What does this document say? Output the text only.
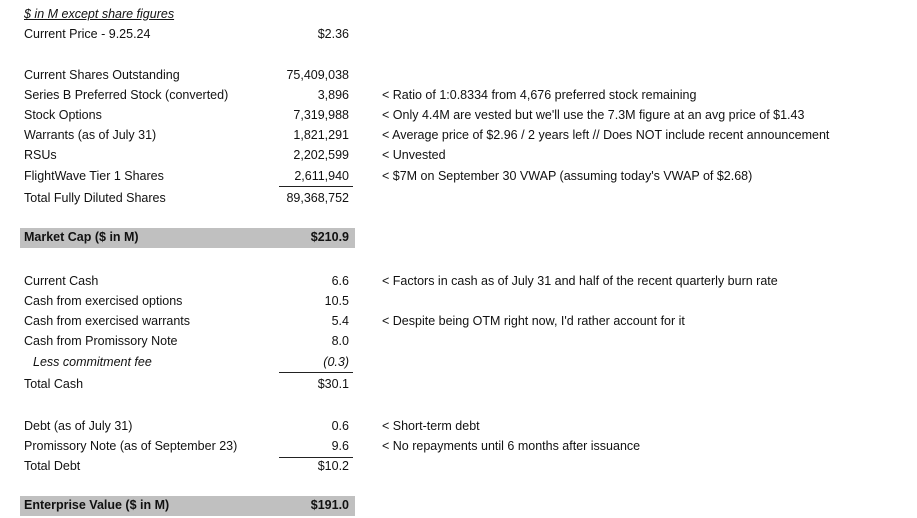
$ in M except share figures
Current Price - 9.25.24	$2.36
Current Shares Outstanding	75,409,038
Series B Preferred Stock (converted)	3,896	< Ratio of 1:0.8334 from 4,676 preferred stock remaining
Stock Options	7,319,988	< Only 4.4M are vested but we'll use the 7.3M figure at an avg price of $1.43
Warrants (as of July 31)	1,821,291	< Average price of $2.96 / 2 years left // Does NOT include recent announcement
RSUs	2,202,599	< Unvested
FlightWave Tier 1 Shares	2,611,940	< $7M on September 30 VWAP (assuming today's VWAP of $2.68)
Total Fully Diluted Shares	89,368,752
Market Cap ($ in M)	$210.9
Current Cash	6.6	< Factors in cash as of July 31 and half of the recent quarterly burn rate
Cash from exercised options	10.5
Cash from exercised warrants	5.4	< Despite being OTM right now, I'd rather account for it
Cash from Promissory Note	8.0
Less commitment fee	(0.3)
Total Cash	$30.1
Debt (as of July 31)	0.6	< Short-term debt
Promissory Note (as of September 23)	9.6	< No repayments until 6 months after issuance
Total Debt	$10.2
Enterprise Value ($ in M)	$191.0
